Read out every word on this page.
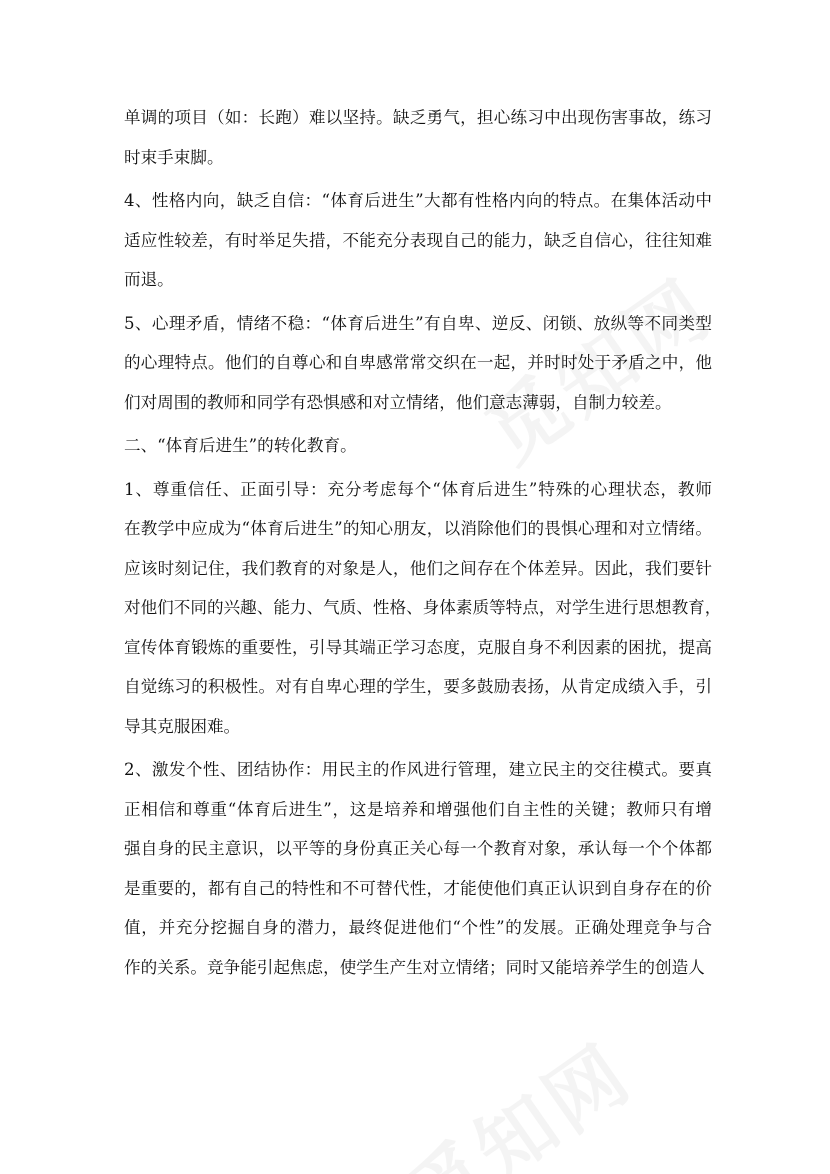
单调的项目（如：长跑）难以坚持。缺乏勇气，担心练习中出现伤害事故，练习
时束手束脚。

4、性格内向，缺乏自信：“体育后进生”大都有性格内向的特点。在集体活动中
适应性较差，有时举足失措，不能充分表现自己的能力，缺乏自信心，往往知难
而退。

5、心理矛盾，情绪不稳：“体育后进生”有自卑、逆反、闭锁、放纵等不同类型
的心理特点。他们的自尊心和自卑感常常交织在一起，并时时处于矛盾之中，他
们对周围的教师和同学有恐惧感和对立情绪，他们意志薄弱，自制力较差。

二、“体育后进生”的转化教育。

1、尊重信任、正面引导：充分考虑每个“体育后进生”特殊的心理状态，教师
在教学中应成为“体育后进生”的知心朋友，以消除他们的畏惧心理和对立情绪。
应该时刻记住，我们教育的对象是人，他们之间存在个体差异。因此，我们要针
对他们不同的兴趣、能力、气质、性格、身体素质等特点，对学生进行思想教育，
宣传体育锻炼的重要性，引导其端正学习态度，克服自身不利因素的困扰，提高
自觉练习的积极性。对有自卑心理的学生，要多鼓励表扬，从肯定成绩入手，引
导其克服困难。

2、激发个性、团结协作：用民主的作风进行管理，建立民主的交往模式。要真
正相信和尊重“体育后进生”，这是培养和增强他们自主性的关键；教师只有增
强自身的民主意识，以平等的身份真正关心每一个教育对象，承认每一个个体都
是重要的，都有自己的特性和不可替代性，才能使他们真正认识到自身存在的价
值，并充分挖掘自身的潜力，最终促进他们“个性”的发展。正确处理竞争与合
作的关系。竞争能引起焦虑，使学生产生对立情绪；同时又能培养学生的创造人
